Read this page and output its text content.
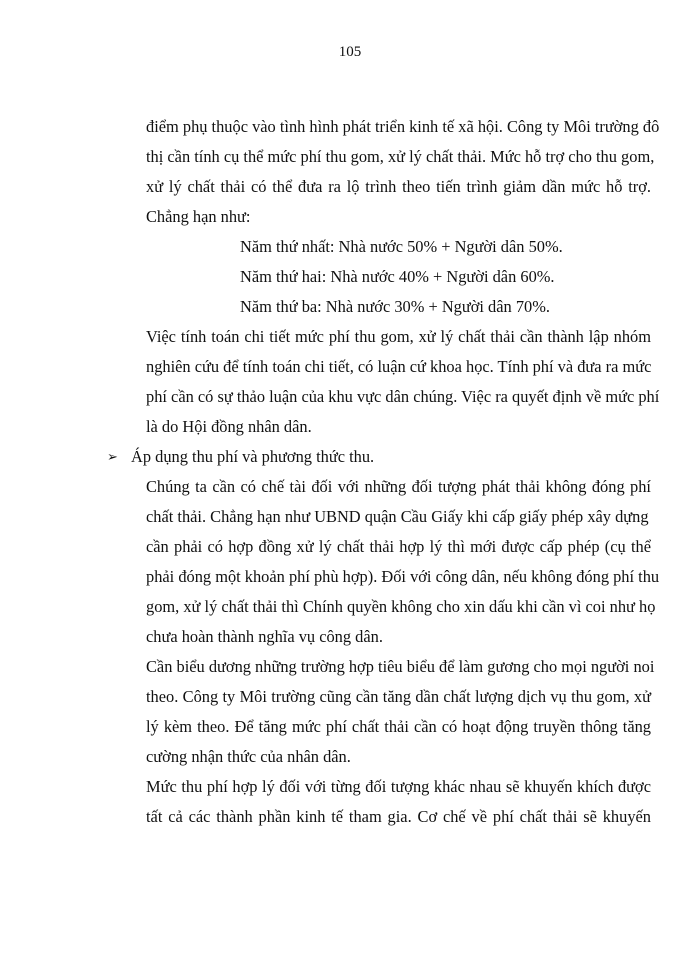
105
điểm phụ thuộc vào tình hình phát triển kinh tế xã hội. Công ty Môi trường đô
thị cần tính cụ thể mức phí thu gom, xử lý chất thải. Mức hỗ trợ cho thu gom,
xử lý chất thải có thể đưa ra lộ trình theo tiến trình giảm dần mức hỗ trợ.
Chẳng hạn như:
Năm thứ nhất: Nhà nước 50% + Người dân 50%.
Năm thứ hai: Nhà nước 40% + Người dân 60%.
Năm thứ ba: Nhà nước 30% + Người dân 70%.
Việc tính toán chi tiết mức phí thu gom, xử lý chất thải cần thành lập nhóm
nghiên cứu để tính toán chi tiết, có luận cứ khoa học. Tính phí và đưa ra mức
phí cần có sự thảo luận của khu vực dân chúng. Việc ra quyết định về mức phí
là do Hội đồng nhân dân.
➢ Áp dụng thu phí và phương thức thu.
Chúng ta cần có chế tài đối với những đối tượng phát thải không đóng phí
chất thải. Chẳng hạn như UBND quận Cầu Giấy khi cấp giấy phép xây dựng
cần phải có hợp đồng xử lý chất thải hợp lý thì mới được cấp phép (cụ thể
phải đóng một khoản phí phù hợp). Đối với công dân, nếu không đóng phí thu
gom, xử lý chất thải thì Chính quyền không cho xin dấu khi cần vì coi như họ
chưa hoàn thành nghĩa vụ công dân.
Cần biểu dương những trường hợp tiêu biểu để làm gương cho mọi người noi
theo. Công ty Môi trường cũng cần tăng dần chất lượng dịch vụ thu gom, xử
lý kèm theo. Để tăng mức phí chất thải cần có hoạt động truyền thông tăng
cường nhận thức của nhân dân.
Mức thu phí hợp lý đối với từng đối tượng khác nhau sẽ khuyến khích được
tất cả các thành phần kinh tế tham gia. Cơ chế về phí chất thải sẽ khuyến
